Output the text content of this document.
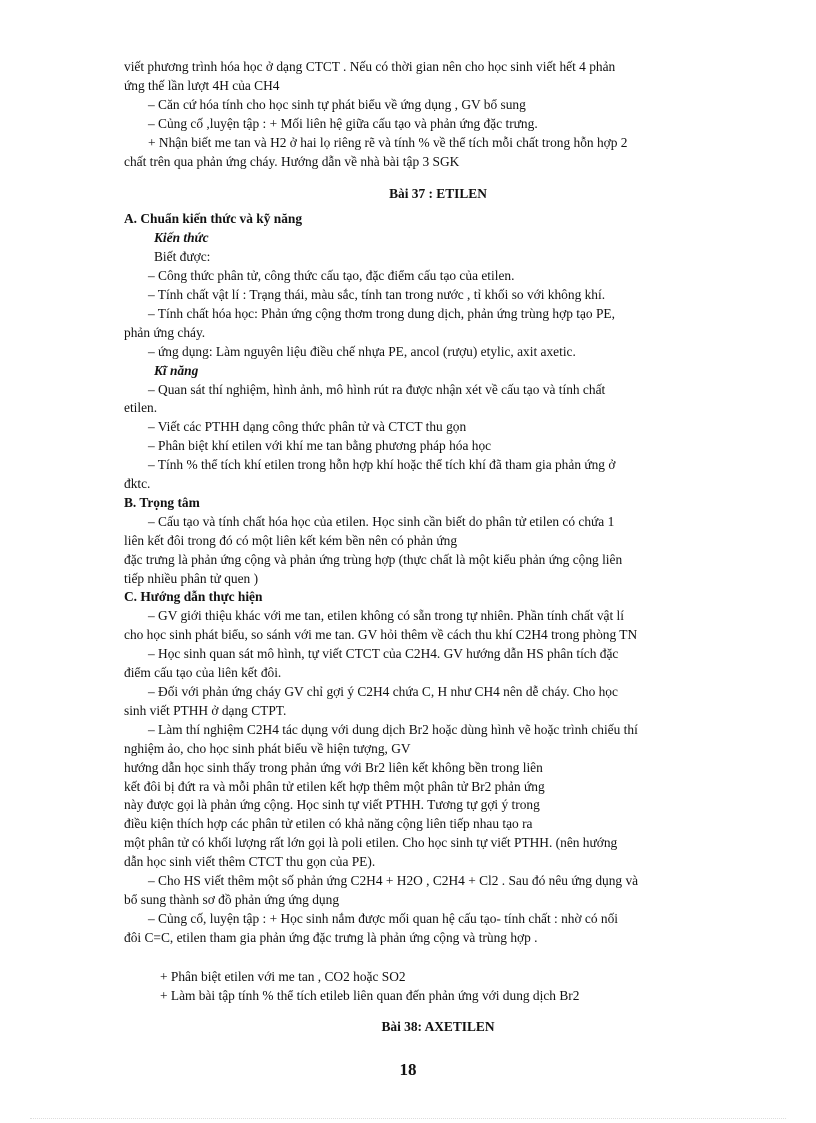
viết phương trình hóa học ở dạng CTCT . Nếu có thời gian nên cho học sinh viết hết 4 phản
ứng thế lần lượt 4H của CH4
– Căn cứ hóa tính cho học sinh tự phát biểu về ứng dụng , GV bổ sung
– Củng cố ,luyện tập : + Mối liên hệ giữa cấu tạo và phản ứng đặc trưng.
+ Nhận biết me tan và H2 ở hai lọ riêng rẽ và tính % về thể tích mỗi chất trong hỗn hợp 2
chất trên qua phản ứng cháy. Hướng dẫn về nhà bài tập 3 SGK
Bài 37 : ETILEN
A. Chuẩn kiến thức và kỹ năng
Kiến thức
Biết được:
– Công thức phân tử, công thức cấu tạo, đặc điểm cấu tạo của etilen.
– Tính chất vật lí : Trạng thái, màu sắc, tính tan trong nước , tỉ khối so với không khí.
– Tính chất hóa học: Phản ứng cộng thơm trong dung dịch, phản ứng trùng hợp tạo PE,
phản ứng cháy.
– ứng dụng: Làm nguyên liệu điều chế nhựa PE, ancol (rượu) etylic, axit axetic.
Kĩ năng
– Quan sát thí nghiệm, hình ảnh, mô hình rút ra được nhận xét về cấu tạo và tính chất
etilen.
– Viết các PTHH dạng công thức phân tử và CTCT thu gọn
– Phân biệt khí etilen với khí me tan bằng phương pháp hóa học
– Tính % thể tích khí etilen trong hỗn hợp khí hoặc thể tích khí đã tham gia phản ứng ở
đktc.
B. Trọng tâm
– Cấu tạo và tính chất hóa học của etilen. Học sinh cần biết do phân tử etilen có chứa 1
liên kết đôi trong đó có một liên kết kém bền nên có phản ứng
đặc trưng là phản ứng cộng và phản ứng trùng hợp (thực chất là một kiểu phản ứng cộng liên
tiếp nhiều phân tử quen )
C. Hướng dẫn thực hiện
– GV giới thiệu khác với me tan, etilen không có sẵn trong tự nhiên. Phần tính chất vật lí
cho học sinh phát biểu, so sánh với me tan. GV hỏi thêm về cách thu khí C2H4 trong phòng TN
– Học sinh quan sát mô hình, tự viết CTCT của C2H4. GV hướng dẫn HS phân tích đặc
điểm cấu tạo của liên kết đôi.
– Đối với phản ứng cháy GV chỉ gợi ý C2H4 chứa C, H như CH4 nên dễ cháy. Cho học
sinh viết PTHH ở dạng CTPT.
– Làm thí nghiệm C2H4 tác dụng với dung dịch Br2 hoặc dùng hình vẽ hoặc trình chiếu thí
nghiệm ảo, cho học sinh phát biểu về hiện tượng, GV
hướng dẫn học sinh thấy trong phản ứng với Br2 liên kết không bền trong liên
kết đôi bị đứt ra và mỗi phân tử etilen kết hợp thêm một phân tử Br2 phản ứng
này được gọi là phản ứng cộng. Học sinh tự viết PTHH. Tương tự gợi ý trong
điều kiện thích hợp các phân tử etilen có khả năng cộng liên tiếp nhau tạo ra
một phân tử có khối lượng rất lớn gọi là poli etilen. Cho học sinh tự viết PTHH. (nên hướng
dẫn học sinh viết thêm CTCT thu gọn của PE).
– Cho HS viết thêm một số phản ứng C2H4 + H2O , C2H4 + Cl2 . Sau đó nêu ứng dụng và
bổ sung thành sơ đồ phản ứng ứng dụng
– Củng cố, luyện tập : + Học sinh nắm được mối quan hệ cấu tạo- tính chất : nhờ có nối
đôi C=C, etilen tham gia phản ứng đặc trưng là phản ứng cộng và trùng hợp .
+ Phân biệt etilen với me tan , CO2 hoặc SO2
+ Làm bài tập tính % thể tích etileb liên quan đến phản ứng với dung dịch Br2
Bài 38: AXETILEN
18
